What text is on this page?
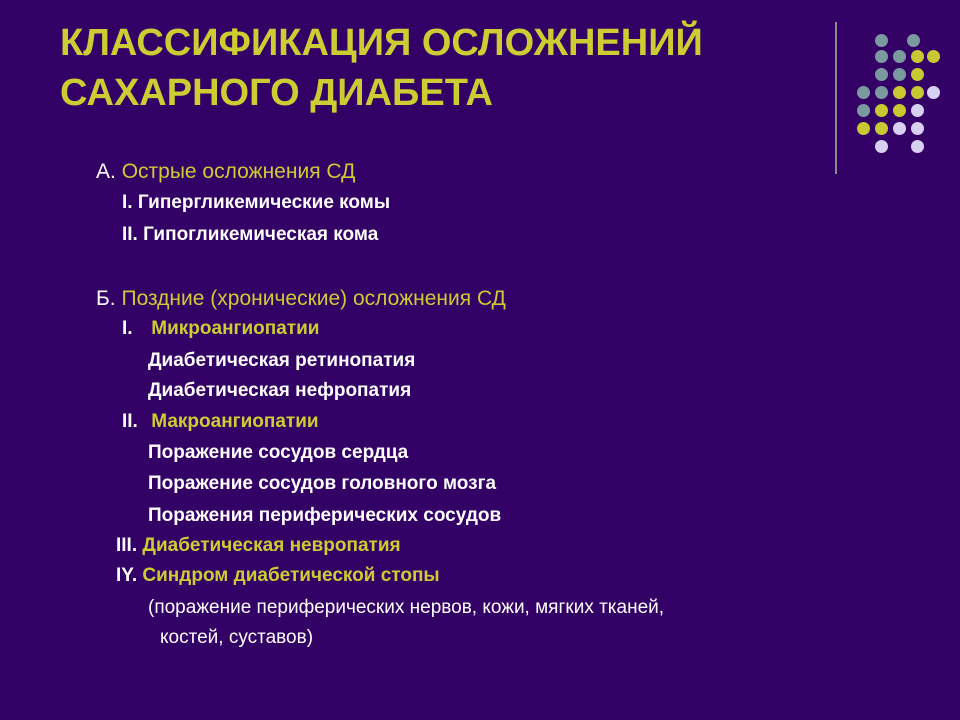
КЛАССИФИКАЦИЯ ОСЛОЖНЕНИЙ
САХАРНОГО ДИАБЕТА
А. Острые осложнения СД
I. Гипергликемические комы
II. Гипогликемическая кома
Б. Поздние (хронические) осложнения СД
I. Микроангиопатии
Диабетическая ретинопатия
Диабетическая нефропатия
II. Макроангиопатии
Поражение сосудов сердца
Поражение сосудов головного мозга
Поражения периферических сосудов
III. Диабетическая невропатия
IY. Синдром диабетической стопы
(поражение периферических нервов, кожи, мягких тканей,
костей, суставов)
